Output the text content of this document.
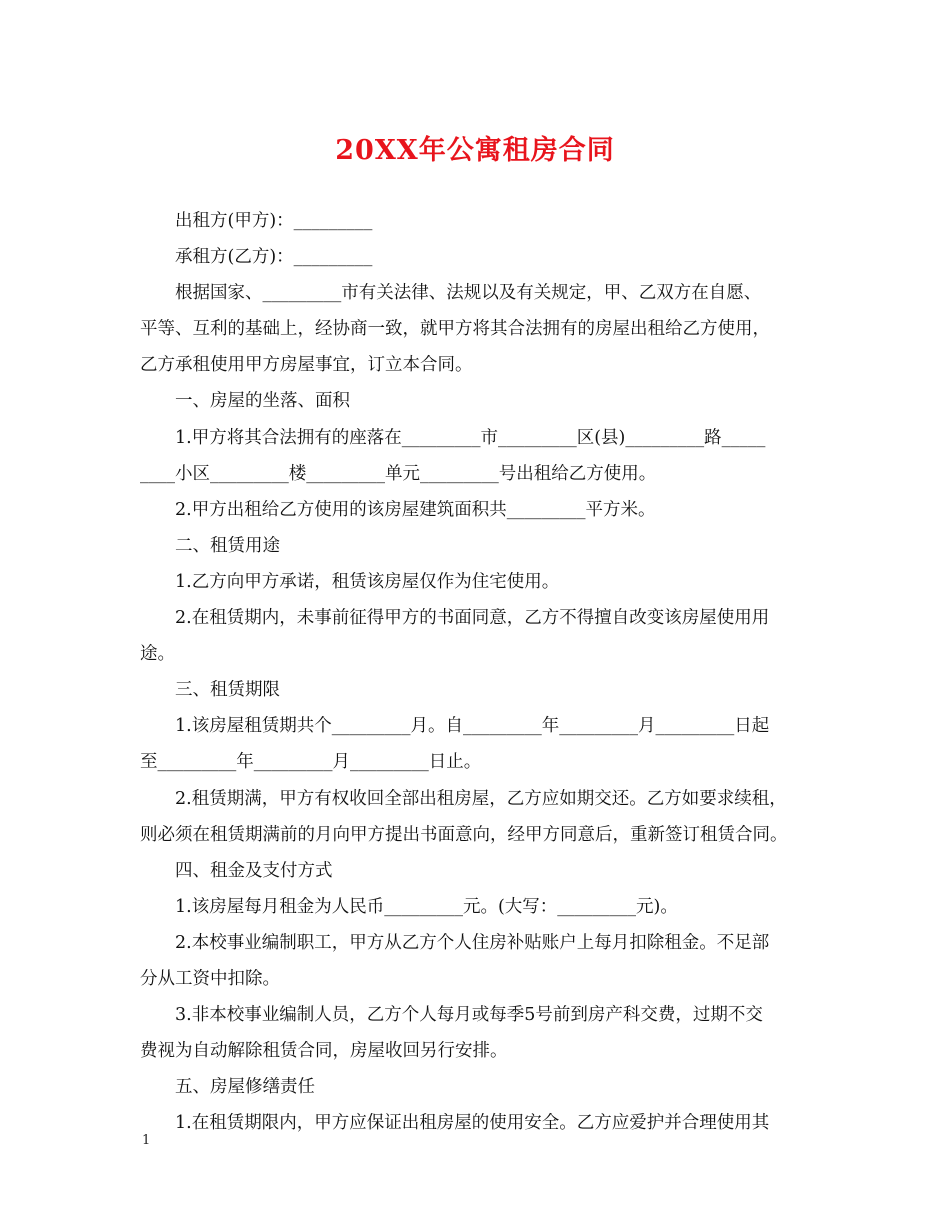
20XX年公寓租房合同

出租方(甲方)：_________

承租方(乙方)：_________

根据国家、_________市有关法律、法规以及有关规定，甲、乙双方在自愿、

平等、互利的基础上，经协商一致，就甲方将其合法拥有的房屋出租给乙方使用，

乙方承租使用甲方房屋事宜，订立本合同。

一、房屋的坐落、面积

1.甲方将其合法拥有的座落在_________市_________区(县)_________路_____

____小区_________楼_________单元_________号出租给乙方使用。

2.甲方出租给乙方使用的该房屋建筑面积共_________平方米。

二、租赁用途

1.乙方向甲方承诺，租赁该房屋仅作为住宅使用。

2.在租赁期内，未事前征得甲方的书面同意，乙方不得擅自改变该房屋使用用

途。

三、租赁期限

1.该房屋租赁期共个_________月。自_________年_________月_________日起

至_________年_________月_________日止。

2.租赁期满，甲方有权收回全部出租房屋，乙方应如期交还。乙方如要求续租，

则必须在租赁期满前的月向甲方提出书面意向，经甲方同意后，重新签订租赁合同。

四、租金及支付方式

1.该房屋每月租金为人民币_________元。(大写：_________元)。

2.本校事业编制职工，甲方从乙方个人住房补贴账户上每月扣除租金。不足部

分从工资中扣除。

3.非本校事业编制人员，乙方个人每月或每季5号前到房产科交费，过期不交

费视为自动解除租赁合同，房屋收回另行安排。

五、房屋修缮责任

1.在租赁期限内，甲方应保证出租房屋的使用安全。乙方应爱护并合理使用其

1
